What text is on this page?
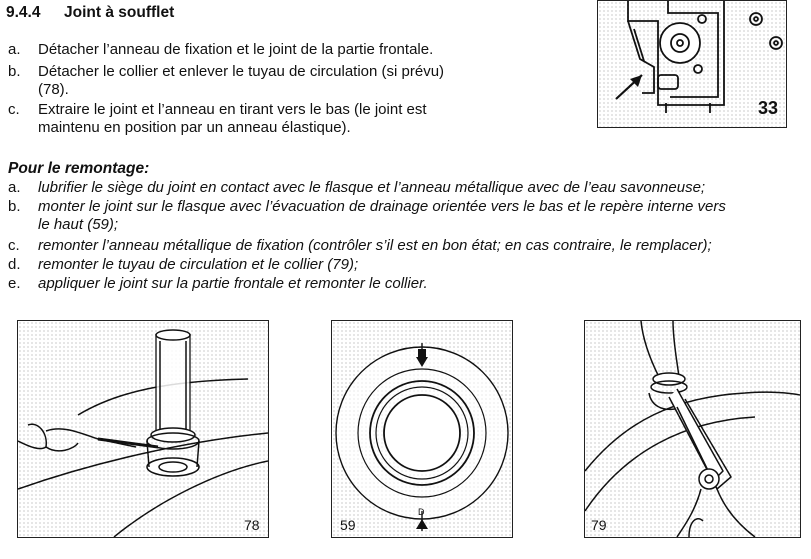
9.4.4 Joint à soufflet
a. Détacher l’anneau de fixation et le joint de la partie frontale.
b. Détacher le collier et enlever le tuyau de circulation (si prévu)
(78).
c. Extraire le joint et l’anneau en tirant vers le bas (le joint est
maintenu en position par un anneau élastique).
33
Pour le remontage:
a. lubrifier le siège du joint en contact avec le flasque et l’anneau métallique avec de l’eau savonneuse;
b. monter le joint sur le flasque avec l’évacuation de drainage orientée vers le bas et le repère interne vers
le haut (59);
c. remonter l’anneau métallique de fixation (contrôler s’il est en bon état; en cas contraire, le remplacer);
d. remonter le tuyau de circulation et le collier (79);
e. appliquer le joint sur la partie frontale et remonter le collier.
78
D
59	79
